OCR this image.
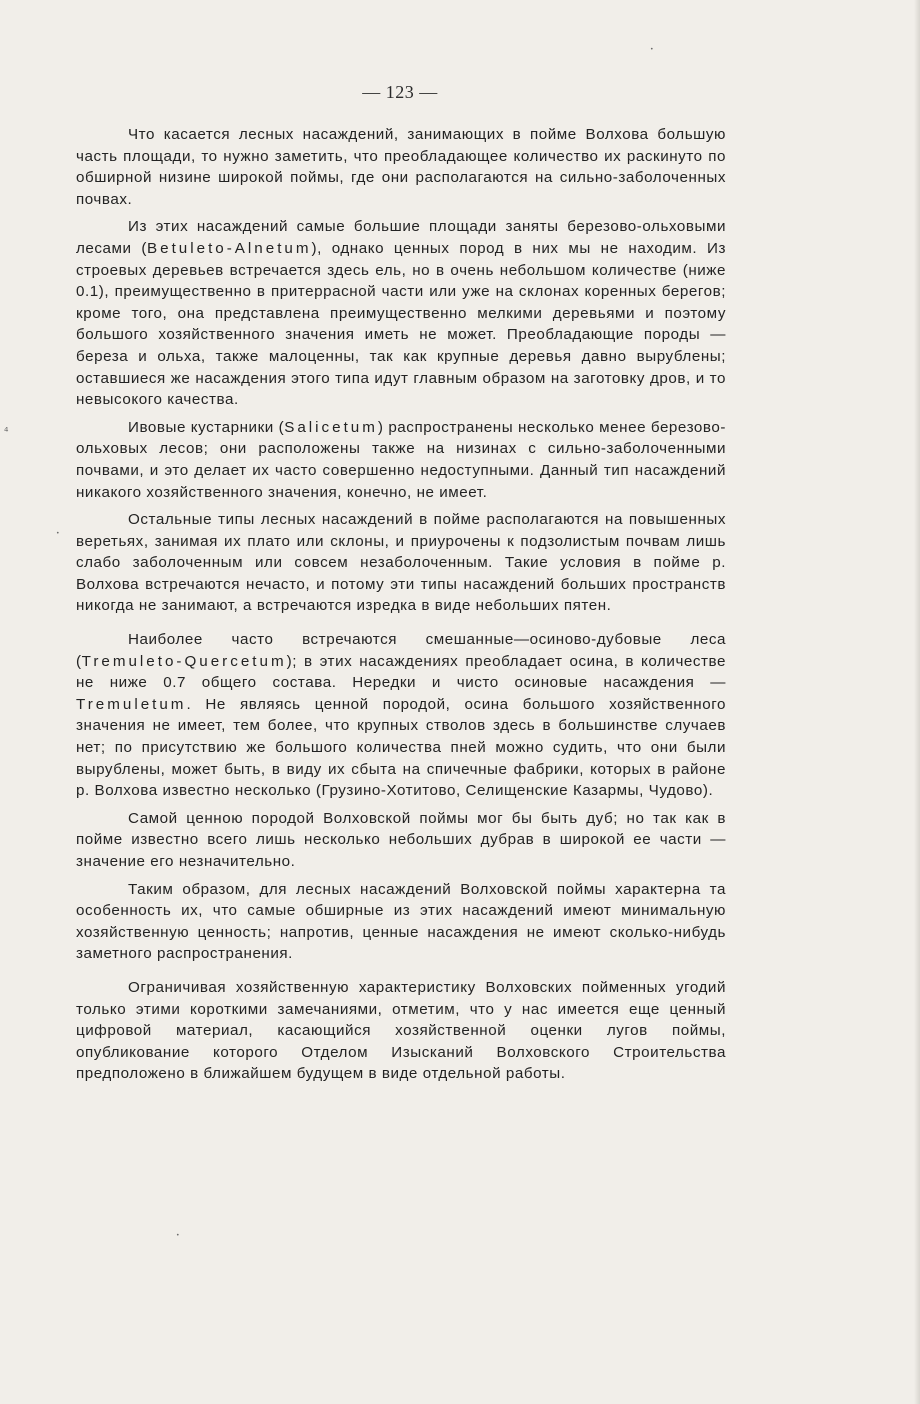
— 123 —
⁴
•
•
•

Что касается лесных насаждений, занимающих в пойме Волхова большую часть площади, то нужно заметить, что преобладающее количество их раскинуто по обширной низине широкой поймы, где они располагаются на сильно-заболоченных почвах.

Из этих насаждений самые большие площади заняты березово-ольховыми лесами (Betuleto-Alnetum), однако ценных пород в них мы не находим. Из строевых деревьев встречается здесь ель, но в очень небольшом количестве (ниже 0.1), преимущественно в притеррасной части или уже на склонах коренных берегов; кроме того, она представлена преимущественно мелкими деревьями и поэтому большого хозяйственного значения иметь не может. Преобладающие породы — береза и ольха, также малоценны, так как крупные деревья давно вырублены; оставшиеся же насаждения этого типа идут главным образом на заготовку дров, и то невысокого качества.

Ивовые кустарники (Salicetum) распространены несколько менее березово-ольховых лесов; они расположены также на низинах с сильно-заболоченными почвами, и это делает их часто совершенно недоступными. Данный тип насаждений никакого хозяйственного значения, конечно, не имеет.

Остальные типы лесных насаждений в пойме располагаются на повышенных веретьях, занимая их плато или склоны, и приурочены к подзолистым почвам лишь слабо заболоченным или совсем незаболоченным. Такие условия в пойме р. Волхова встречаются нечасто, и потому эти типы насаждений больших пространств никогда не занимают, а встречаются изредка в виде небольших пятен.

Наиболее часто встречаются смешанные—осиново-дубовые леса (Tremuleto-Quercetum); в этих насаждениях преобладает осина, в количестве не ниже 0.7 общего состава. Нередки и чисто осиновые насаждения — Tremuletum. Не являясь ценной породой, осина большого хозяйственного значения не имеет, тем более, что крупных стволов здесь в большинстве случаев нет; по присутствию же большого количества пней можно судить, что они были вырублены, может быть, в виду их сбыта на спичечные фабрики, которых в районе р. Волхова известно несколько (Грузино-Хотитово, Селищенские Казармы, Чудово).

Самой ценною породой Волховской поймы мог бы быть дуб; но так как в пойме известно всего лишь несколько небольших дубрав в широкой ее части — значение его незначительно.

Таким образом, для лесных насаждений Волховской поймы характерна та особенность их, что самые обширные из этих насаждений имеют минимальную хозяйственную ценность; напротив, ценные насаждения не имеют сколько-нибудь заметного распространения.

Ограничивая хозяйственную характеристику Волховских пойменных угодий только этими короткими замечаниями, отметим, что у нас имеется еще ценный цифровой материал, касающийся хозяйственной оценки лугов поймы, опубликование которого Отделом Изысканий Волховского Строительства предположено в ближайшем будущем в виде отдельной работы.
